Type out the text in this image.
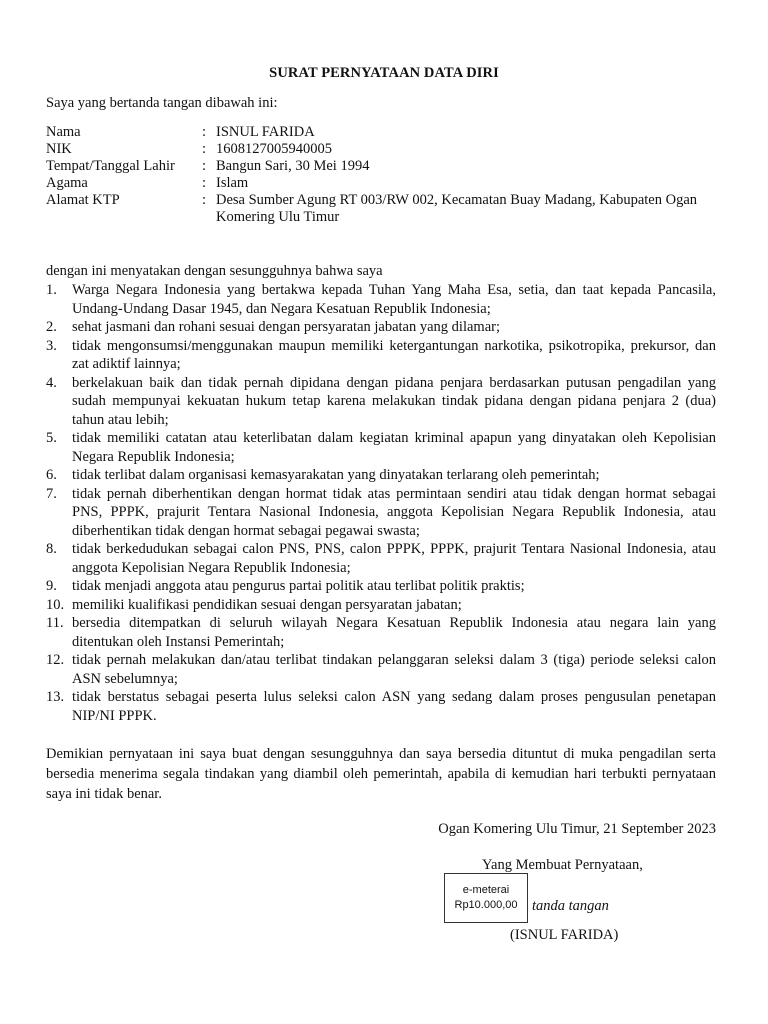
SURAT PERNYATAAN DATA DIRI
Saya yang bertanda tangan dibawah ini:
Nama	: ISNUL FARIDA
NIK	: 1608127005940005
Tempat/Tanggal Lahir	: Bangun Sari, 30 Mei 1994
Agama	: Islam
Alamat KTP	: Desa Sumber Agung RT 003/RW 002, Kecamatan Buay Madang, Kabupaten Ogan Komering Ulu Timur
dengan ini menyatakan dengan sesungguhnya bahwa saya
1.	Warga Negara Indonesia yang bertakwa kepada Tuhan Yang Maha Esa, setia, dan taat kepada Pancasila, Undang-Undang Dasar 1945, dan Negara Kesatuan Republik Indonesia;
2.	sehat jasmani dan rohani sesuai dengan persyaratan jabatan yang dilamar;
3.	tidak mengonsumsi/menggunakan maupun memiliki ketergantungan narkotika, psikotropika, prekursor, dan zat adiktif lainnya;
4.	berkelakuan baik dan tidak pernah dipidana dengan pidana penjara berdasarkan putusan pengadilan yang sudah mempunyai kekuatan hukum tetap karena melakukan tindak pidana dengan pidana penjara 2 (dua) tahun atau lebih;
5.	tidak memiliki catatan atau keterlibatan dalam kegiatan kriminal apapun yang dinyatakan oleh Kepolisian Negara Republik Indonesia;
6.	tidak terlibat dalam organisasi kemasyarakatan yang dinyatakan terlarang oleh pemerintah;
7.	tidak pernah diberhentikan dengan hormat tidak atas permintaan sendiri atau tidak dengan hormat sebagai PNS, PPPK, prajurit Tentara Nasional Indonesia, anggota Kepolisian Negara Republik Indonesia, atau diberhentikan tidak dengan hormat sebagai pegawai swasta;
8.	tidak berkedudukan sebagai calon PNS, PNS, calon PPPK, PPPK, prajurit Tentara Nasional Indonesia, atau anggota Kepolisian Negara Republik Indonesia;
9.	tidak menjadi anggota atau pengurus partai politik atau terlibat politik praktis;
10. memiliki kualifikasi pendidikan sesuai dengan persyaratan jabatan;
11. bersedia ditempatkan di seluruh wilayah Negara Kesatuan Republik Indonesia atau negara lain yang ditentukan oleh Instansi Pemerintah;
12. tidak pernah melakukan dan/atau terlibat tindakan pelanggaran seleksi dalam 3 (tiga) periode seleksi calon ASN sebelumnya;
13. tidak berstatus sebagai peserta lulus seleksi calon ASN yang sedang dalam proses pengusulan penetapan NIP/NI PPPK.
Demikian pernyataan ini saya buat dengan sesungguhnya dan saya bersedia dituntut di muka pengadilan serta bersedia menerima segala tindakan yang diambil oleh pemerintah, apabila di kemudian hari terbukti pernyataan saya ini tidak benar.
Ogan Komering Ulu Timur, 21 September 2023
Yang Membuat Pernyataan,
e-meterai
Rp10.000,00 tanda tangan
(ISNUL FARIDA)
